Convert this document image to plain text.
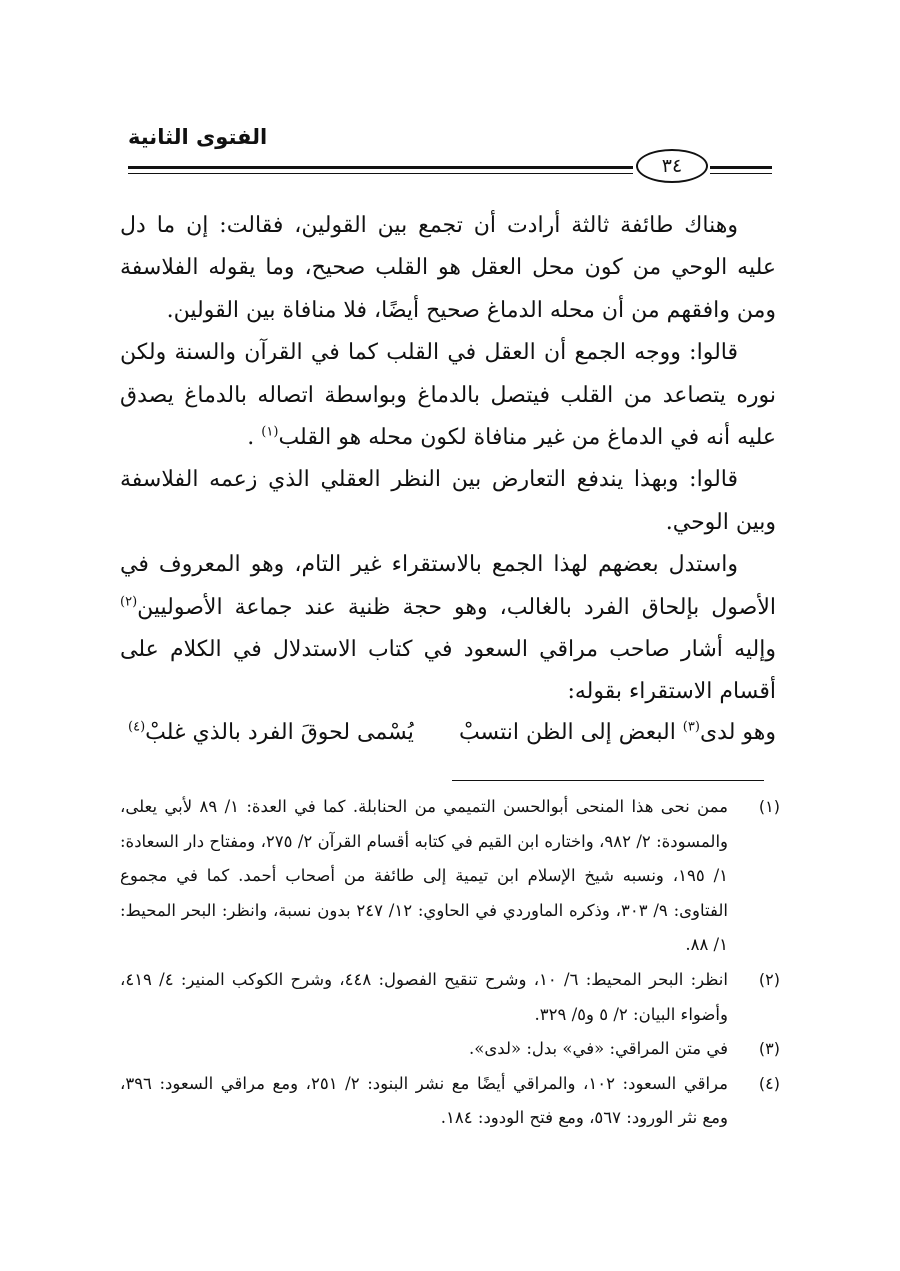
الفتوى الثانية
٣٤

وهناك طائفة ثالثة أرادت أن تجمع بين القولين، فقالت: إن ما دل عليه الوحي من كون محل العقل هو القلب صحيح، وما يقوله الفلاسفة ومن وافقهم من أن محله الدماغ صحيح أيضًا، فلا منافاة بين القولين.

قالوا: ووجه الجمع أن العقل في القلب كما في القرآن والسنة ولكن نوره يتصاعد من القلب فيتصل بالدماغ وبواسطة اتصاله بالدماغ يصدق عليه أنه في الدماغ من غير منافاة لكون محله هو القلب$^{(١)}$ .

قالوا: وبهذا يندفع التعارض بين النظر العقلي الذي زعمه الفلاسفة وبين الوحي.

واستدل بعضهم لهذا الجمع بالاستقراء غير التام، وهو المعروف في الأصول بإلحاق الفرد بالغالب، وهو حجة ظنية عند جماعة الأصوليين$^{(٢)}$ وإليه أشار صاحب مراقي السعود في كتاب الاستدلال في الكلام على أقسام الاستقراء بقوله:

وهو لدى$^{(٣)}$ البعض إلى الظن انتسبْ
يُسْمى لحوقَ الفرد بالذي غلبْ$^{(٤)}$
(١)
ممن نحى هذا المنحى أبوالحسن التميمي من الحنابلة. كما في العدة: ١/ ٨٩ لأبي يعلى، والمسودة: ٢/ ٩٨٢، واختاره ابن القيم في كتابه أقسام القرآن ٢/ ٢٧٥، ومفتاح دار السعادة: ١/ ١٩٥، ونسبه شيخ الإسلام ابن تيمية إلى طائفة من أصحاب أحمد. كما في مجموع الفتاوى: ٩/ ٣٠٣، وذكره الماوردي في الحاوي: ١٢/ ٢٤٧ بدون نسبة، وانظر: البحر المحيط: ١/ ٨٨.
(٢)
انظر: البحر المحيط: ٦/ ١٠، وشرح تنقيح الفصول: ٤٤٨، وشرح الكوكب المنير: ٤/ ٤١٩، وأضواء البيان: ٢/ ٥ و٥/ ٣٢٩.
(٣)
في متن المراقي: «في» بدل: «لدى».
(٤)
مراقي السعود: ١٠٢، والمراقي أيضًا مع نشر البنود: ٢/ ٢٥١، ومع مراقي السعود: ٣٩٦، ومع نثر الورود: ٥٦٧، ومع فتح الودود: ١٨٤.
